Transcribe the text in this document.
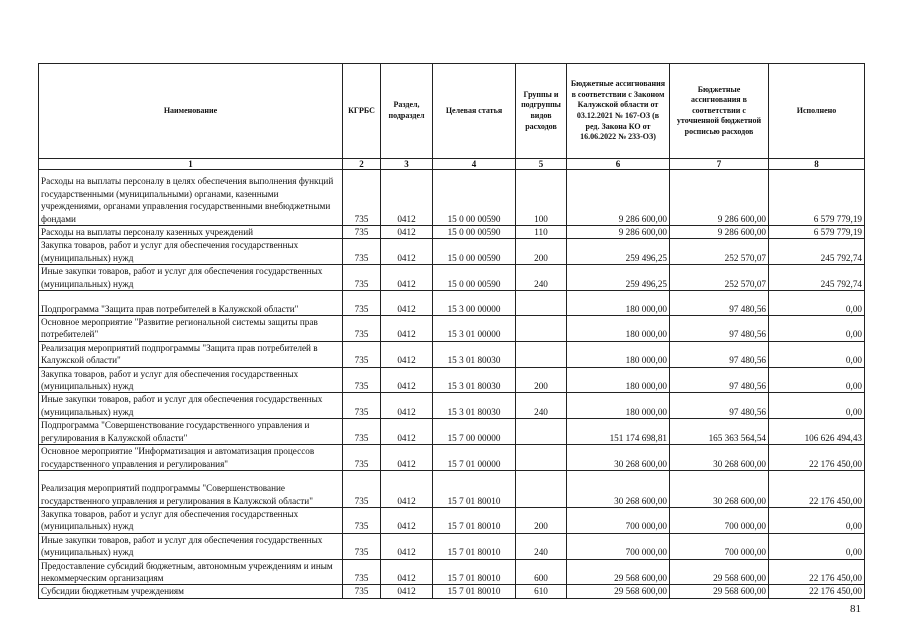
Наименование	КГРБС	Раздел, подраздел	Целевая статья	Группы и подгруппы видов расходов	Бюджетные ассигнования в соответствии с Законом Калужской области от 03.12.2021 № 167-ОЗ (в ред. Закона КО от 16.06.2022 № 233-ОЗ)	Бюджетные ассигнования в соответствии с уточненной бюджетной росписью расходов	Исполнено
1	2	3	4	5	6	7	8
Расходы на выплаты персоналу в целях обеспечения выполнения функций государственными (муниципальными) органами, казенными учреждениями, органами управления государственными внебюджетными фондами	735	0412	15 0 00 00590	100	9 286 600,00	9 286 600,00	6 579 779,19
Расходы на выплаты персоналу казенных учреждений	735	0412	15 0 00 00590	110	9 286 600,00	9 286 600,00	6 579 779,19
Закупка товаров, работ и услуг для обеспечения государственных (муниципальных) нужд	735	0412	15 0 00 00590	200	259 496,25	252 570,07	245 792,74
Иные закупки товаров, работ и услуг для обеспечения государственных (муниципальных) нужд	735	0412	15 0 00 00590	240	259 496,25	252 570,07	245 792,74
Подпрограмма "Защита прав потребителей в Калужской области"	735	0412	15 3 00 00000		180 000,00	97 480,56	0,00
Основное мероприятие "Развитие региональной системы защиты прав потребителей"	735	0412	15 3 01 00000		180 000,00	97 480,56	0,00
Реализация мероприятий подпрограммы "Защита прав потребителей в Калужской области"	735	0412	15 3 01 80030		180 000,00	97 480,56	0,00
Закупка товаров, работ и услуг для обеспечения государственных (муниципальных) нужд	735	0412	15 3 01 80030	200	180 000,00	97 480,56	0,00
Иные закупки товаров, работ и услуг для обеспечения государственных (муниципальных) нужд	735	0412	15 3 01 80030	240	180 000,00	97 480,56	0,00
Подпрограмма "Совершенствование государственного управления и регулирования в Калужской области"	735	0412	15 7 00 00000		151 174 698,81	165 363 564,54	106 626 494,43
Основное мероприятие "Информатизация и автоматизация процессов государственного управления и регулирования"	735	0412	15 7 01 00000		30 268 600,00	30 268 600,00	22 176 450,00
Реализация мероприятий подпрограммы "Совершенствование государственного управления и регулирования в Калужской области"	735	0412	15 7 01 80010		30 268 600,00	30 268 600,00	22 176 450,00
Закупка товаров, работ и услуг для обеспечения государственных (муниципальных) нужд	735	0412	15 7 01 80010	200	700 000,00	700 000,00	0,00
Иные закупки товаров, работ и услуг для обеспечения государственных (муниципальных) нужд	735	0412	15 7 01 80010	240	700 000,00	700 000,00	0,00
Предоставление субсидий бюджетным, автономным учреждениям и иным некоммерческим организациям	735	0412	15 7 01 80010	600	29 568 600,00	29 568 600,00	22 176 450,00
Субсидии бюджетным учреждениям	735	0412	15 7 01 80010	610	29 568 600,00	29 568 600,00	22 176 450,00
81
